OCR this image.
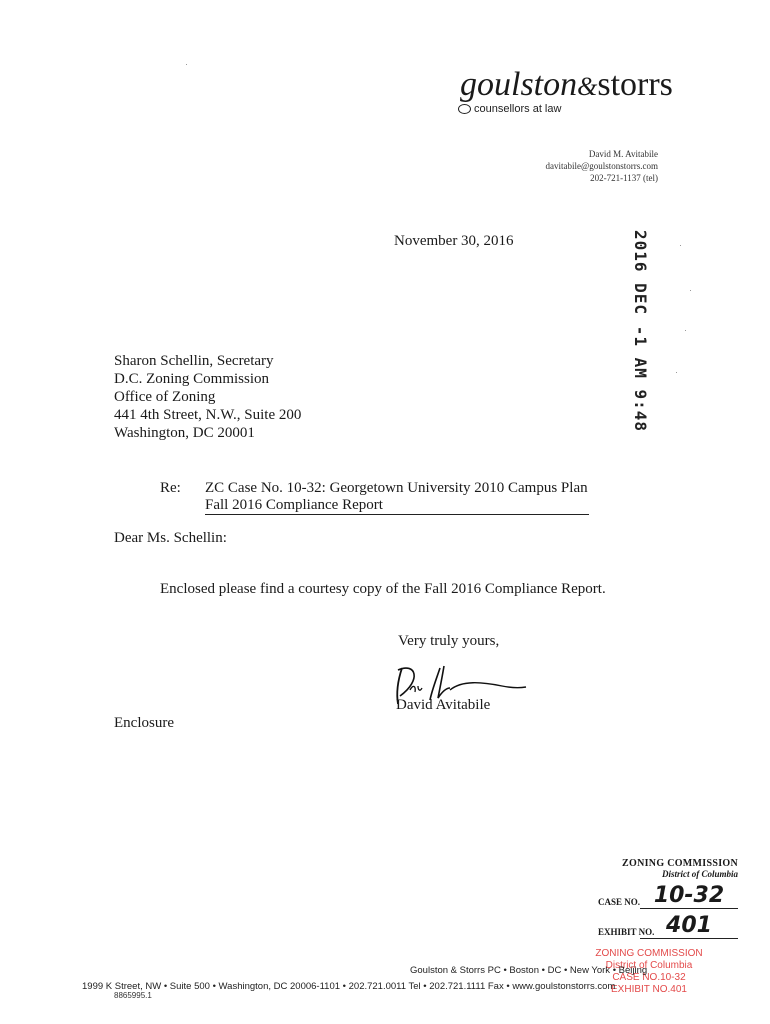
goulston&storrs
counsellors at law
David M. Avitabile
davitabile@goulstonstorrs.com
202-721-1137 (tel)
November 30, 2016	2016 DEC -1 AM 9:48
Sharon Schellin, Secretary
D.C. Zoning Commission
Office of Zoning
441 4th Street, N.W., Suite 200
Washington, DC 20001
Re: ZC Case No. 10-32: Georgetown University 2010 Campus Plan
Fall 2016 Compliance Report
Dear Ms. Schellin:
Enclosed please find a courtesy copy of the Fall 2016 Compliance Report.
Very truly yours,
David Avitabile
Enclosure
ZONING COMMISSION
District of Columbia
CASE NO. 10-32
EXHIBIT NO. 401
ZONING COMMISSION
District of Columbia
CASE NO.10-32
EXHIBIT NO.401
Goulston & Storrs PC • Boston • DC • New York • Beijing
1999 K Street, NW • Suite 500 • Washington, DC 20006-1101 • 202.721.0011 Tel • 202.721.1111 Fax • www.goulstonstorrs.com
8865995.1
